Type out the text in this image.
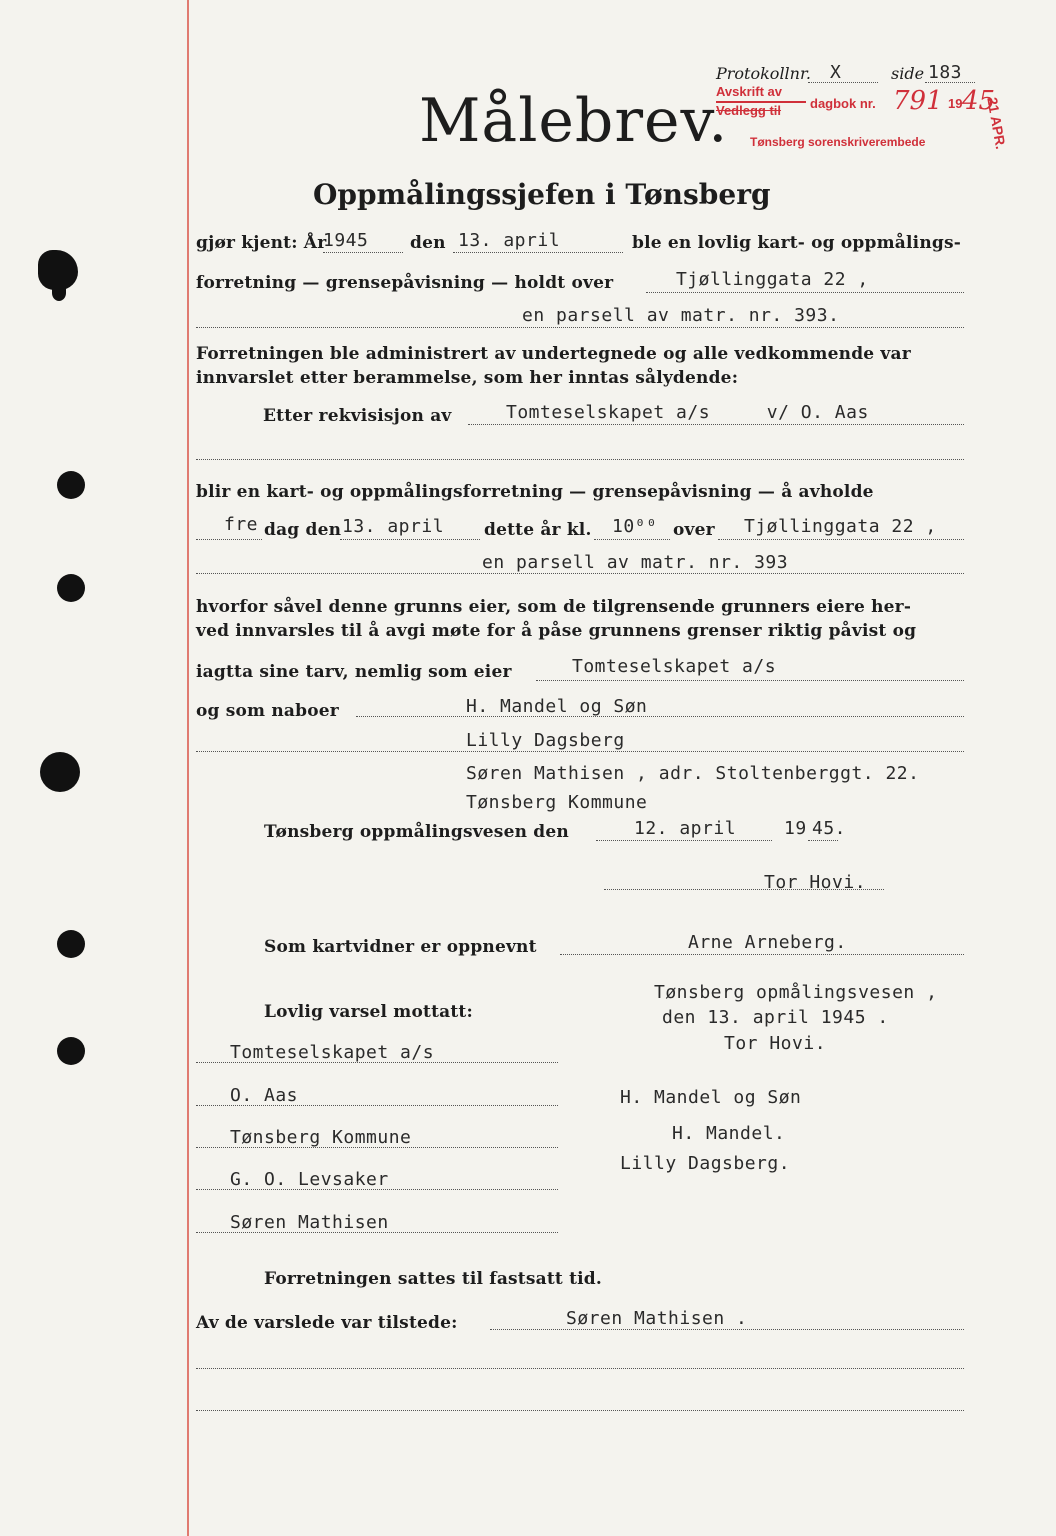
Protokollnr. X	side 183
Avskrift av
Vedlegg til dagbok nr. 791 19 45
21 APR.
Tønsberg sorenskriverembede
Målebrev.
Oppmålingssjefen i Tønsberg
gjør kjent: År
1945 den 13. april	ble en lovlig kart- og oppmålings-
forretning — grensepåvisning — holdt over	Tjøllinggata 22 ,
en parsell av matr. nr. 393.
Forretningen ble administrert av undertegnede og alle vedkommende var
innvarslet etter berammelse, som her inntas sålydende:
Etter rekvisisjon av	Tomteselskapet a/s     v/ O. Aas
blir en kart- og oppmålingsforretning — grensepåvisning — å avholde
fre dag den 13. april dette år kl. 10⁰⁰ over Tjøllinggata 22 ,
en parsell av matr. nr. 393
hvorfor såvel denne grunns eier, som de tilgrensende grunners eiere her-
ved innvarsles til å avgi møte for å påse grunnens grenser riktig påvist og
iagtta sine tarv, nemlig som eier	Tomteselskapet a/s
og som naboer	H. Mandel og Søn
Lilly Dagsberg
Søren Mathisen , adr. Stoltenberggt. 22.
Tønsberg Kommune
Tønsberg oppmålingsvesen den	12. april	19 45.
Tor Hovi.
Som kartvidner er oppnevnt	Arne Arneberg.
Lovlig varsel mottatt:
Tomteselskapet a/s
O. Aas
Tønsberg Kommune
G. O. Levsaker
Søren Mathisen
Tønsberg opmålingsvesen ,
den 13. april 1945 .
Tor Hovi.
H. Mandel og Søn
H. Mandel.
Lilly Dagsberg.
Forretningen sattes til fastsatt tid.
Av de varslede var tilstede:	Søren Mathisen .
